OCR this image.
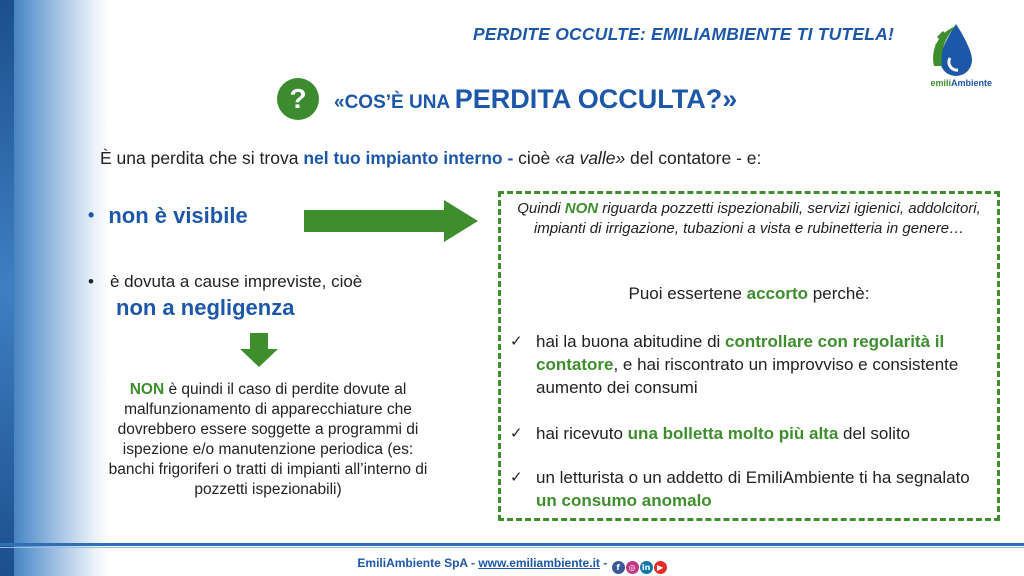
PERDITE OCCULTE: EMILIAMBIENTE TI TUTELA!
emiliAmbiente
?	«COS’È UNA PERDITA OCCULTA?»
È una perdita che si trova nel tuo impianto interno - cioè «a valle» del contatore - e:
• non è visibile
• è dovuta a cause impreviste, cioè
non a negligenza
NON è quindi il caso di perdite dovute al malfunzionamento di apparecchiature che dovrebbero essere soggette a programmi di ispezione e/o manutenzione periodica (es: banchi frigoriferi o tratti di impianti all’interno di pozzetti ispezionabili)
Quindi NON riguarda pozzetti ispezionabili, servizi igienici, addolcitori, impianti di irrigazione, tubazioni a vista e rubinetteria in genere…
Puoi essertene accorto perchè:
✓ hai la buona abitudine di controllare con regolarità il contatore, e hai riscontrato un improvviso e consistente aumento dei consumi
✓ hai ricevuto una bolletta molto più alta del solito
✓ un letturista o un addetto di EmiliAmbiente ti ha segnalato un consumo anomalo
EmiliAmbiente SpA - www.emiliambiente.it - f ◎ in ▶
